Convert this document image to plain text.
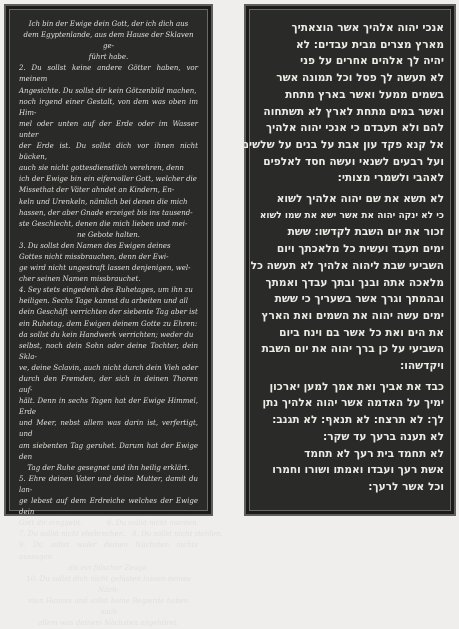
Ich bin der Ewige dein Gott, der ich dich aus

dem Egyptenlande, aus dem Hause der Sklaven ge-

führt habe.

2. Du sollst keine andere Götter haben, vor meinem

Angesichte. Du sollst dir kein Götzenbild machen,

noch irgend einer Gestalt, von dem was oben im Him-

mel oder unten auf der Erde oder im Wasser unter

der Erde ist. Du sollst dich vor ihnen nicht bücken,

auch sie nicht gottesdienstlich verehren, denn

ich der Ewige bin ein eifervoller Gott, welcher die

Missethat der Väter ahndet an Kindern, En-

keln und Urenkeln, nämlich bei denen die mich

hassen, der aber Gnade erzeiget bis ins tausend-

ste Geschlecht, denen die mich lieben und mei-

ne Gebote halten.

3. Du sollst den Namen des Ewigen deines

Gottes nicht missbrauchen, denn der Ewi-

ge wird nicht ungestraft lassen denjenigen, wel-

cher seinen Namen missbrauchet.

4. Sey stets eingedenk des Ruhetages, um ihn zu

heiligen. Sechs Tage kannst du arbeiten und all

dein Geschäft verrichten der siebente Tag aber ist

ein Ruhetag, dem Ewigen deinem Gotte zu Ehren:

da sollst du kein Handwerk verrichten; weder du

selbst, noch dein Sohn oder deine Tochter, dein Skla-

ve, deine Sclavin, auch nicht durch dein Vieh oder

durch den Fremden, der sich in deinen Thoren auf-

hält. Denn in sechs Tagen hat der Ewige Himmel, Erde

und Meer, nebst allem was darin ist, verfertigt, und

am siebenten Tag geruhet. Darum hat der Ewige den

Tag der Ruhe gesegnet und ihn heilig erklärt.

5. Ehre deinen Vater und deine Mutter, damit du lan-

ge lebest auf dem Erdreiche welches der Ewige dein

Gott dir einggebt.           6. Du sollst nicht morden.

7. Du sollst nicht ehebrechen.   8. Du sollst nicht stehlen.

9. Du sollst wider deinen Nächsten nichts aussagen

als ein falscher Zeuge.

10. Du sollst dich nicht gelüsten lassen deines Näch-

sten Hauses und sollst keine Begierde haben nach

allem was deinem Nächsten angehöret.

אנכי יהוה אלהיך אשר הוצאתיך

מארץ מצרים מבית עבדים: לא

יהיה לך אלהים אחרים על פני

לא תעשה לך פסל וכל תמונה אשר

בשמים ממעל ואשר בארץ מתחת

ואשר במים מתחת לארץ לא תשתחוה

להם ולא תעבדם כי אנכי יהוה אלהיך

אל קנא פקד עון אבת על בנים על שלשים

ועל רבעים לשנאי ועשה חסד לאלפים

לאהבי ולשמרי מצותי:

לא תשא את שם יהוה אלהיך לשוא

כי לא ינקה יהוה את אשר ישא את שמו לשוא

זכור את יום השבת לקדשו: ששת

ימים תעבד ועשית כל מלאכתך ויום

השביעי שבת ליהוה אלהיך לא תעשה כל

מלאכה אתה ובנך ובתך עבדך ואמתך

ובהמתך וגרך אשר בשעריך כי ששת

ימים עשה יהוה את השמים ואת הארץ

את הים ואת כל אשר בם וינח ביום

השביעי על כן ברך יהוה את יום השבת

ויקדשהו:

כבד את אביך ואת אמך למען יארכון

ימיך על האדמה אשר יהוה אלהיך נתן

לך: לא תרצח: לא תנאף: לא תגנב:

לא תענה ברעך עד שקר:

לא תחמד בית רעך לא תחמד

אשת רעך ועבדו ואמתו ושורו וחמרו

וכל אשר לרעך:
